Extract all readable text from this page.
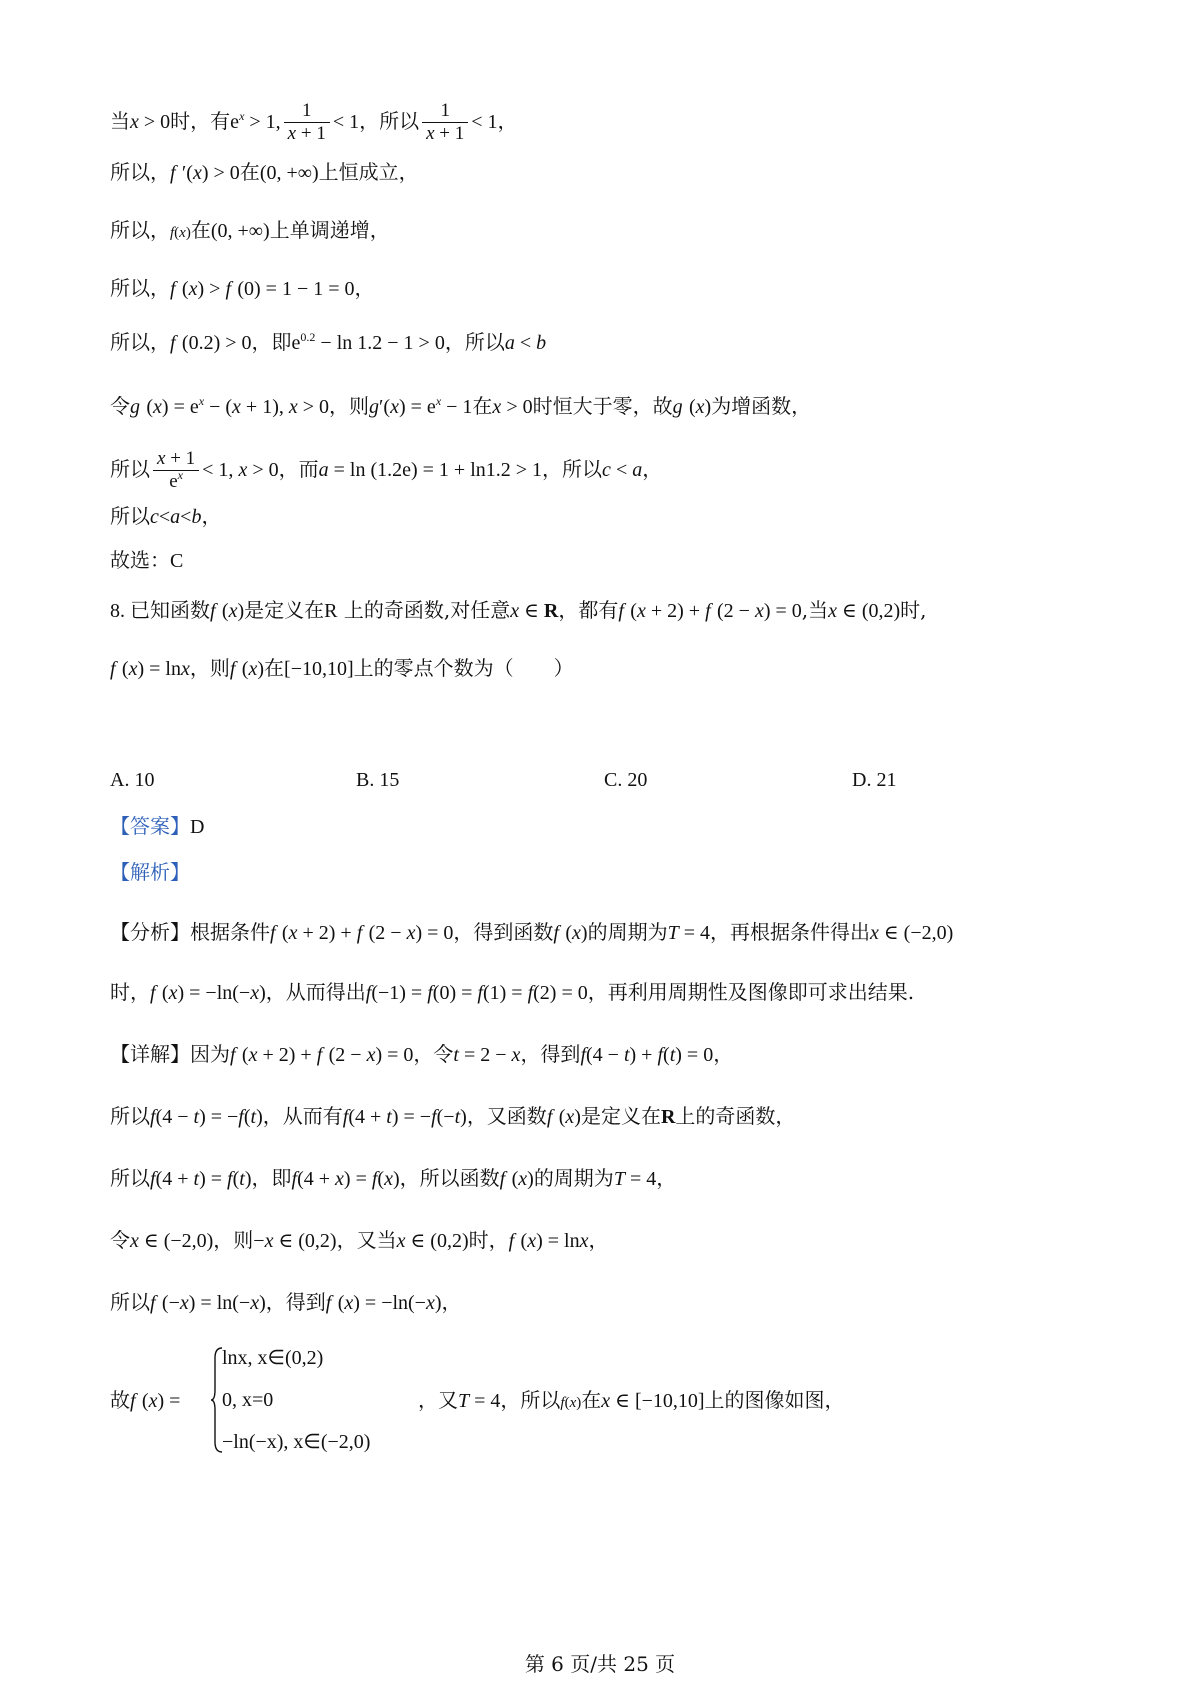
当x > 0时，有$e^x > 1$, $\frac{1}{x + 1} < 1$，所以 $\frac{1}{x + 1} < 1$，
所以，f ′(x) > 0在(0, +∞)上恒成立，
所以，f(x)在(0, +∞)上单调递增，
所以，f (x) > f (0) = 1 − 1 = 0，
所以，f (0.2) > 0，即$e^{0.2} - \ln 1.2 - 1 > 0$，所以a < b
令g $(x) = e^x - (x + 1)$, x > 0，则$g'(x) = e^x - 1$在x > 0时恒大于零，故g (x)为增函数，
所以 $\frac{x + 1}{e^x} < 1$, x > 0，而a = ln (1.2e) = 1 + ln1.2 > 1，所以c < a，
所以c<a<b，
故选：C
8. 已知函数f (x)是定义在R 上的奇函数,对任意x ∈ R，都有f (x + 2) + f (2 − x) = 0,当x ∈ (0,2)时,
f (x) = lnx，则f (x)在[−10,10]上的零点个数为（　　）
A. 10	B. 15	C. 20	D. 21
【答案】D
【解析】
【分析】根据条件f (x + 2) + f (2 − x) = 0，得到函数f (x)的周期为T = 4，再根据条件得出x ∈ (−2,0)
时，f (x) = −ln(−x)，从而得出f(−1) = f(0) = f(1) = f(2) = 0，再利用周期性及图像即可求出结果.
【详解】因为f (x + 2) + f (2 − x) = 0，令t = 2 − x，得到f(4 − t) + f(t) = 0，
所以f(4 − t) = −f(t)，从而有f(4 + t) = −f(−t)，又函数f (x)是定义在R上的奇函数，
所以f(4 + t) = f(t)，即f(4 + x) = f(x)，所以函数f (x)的周期为T = 4，
令x ∈ (−2,0)，则−x ∈ (0,2)，又当x ∈ (0,2)时，f (x) = lnx，
所以f (−x) = ln(−x)，得到f (x) = −ln(−x)，
故f (x) =
lnx, x∈(0,2)
0, x=0
−ln(−x), x∈(−2,0)
，又T = 4，所以f(x)在x ∈ [−10,10]上的图像如图，
第 6 页/共 25 页
